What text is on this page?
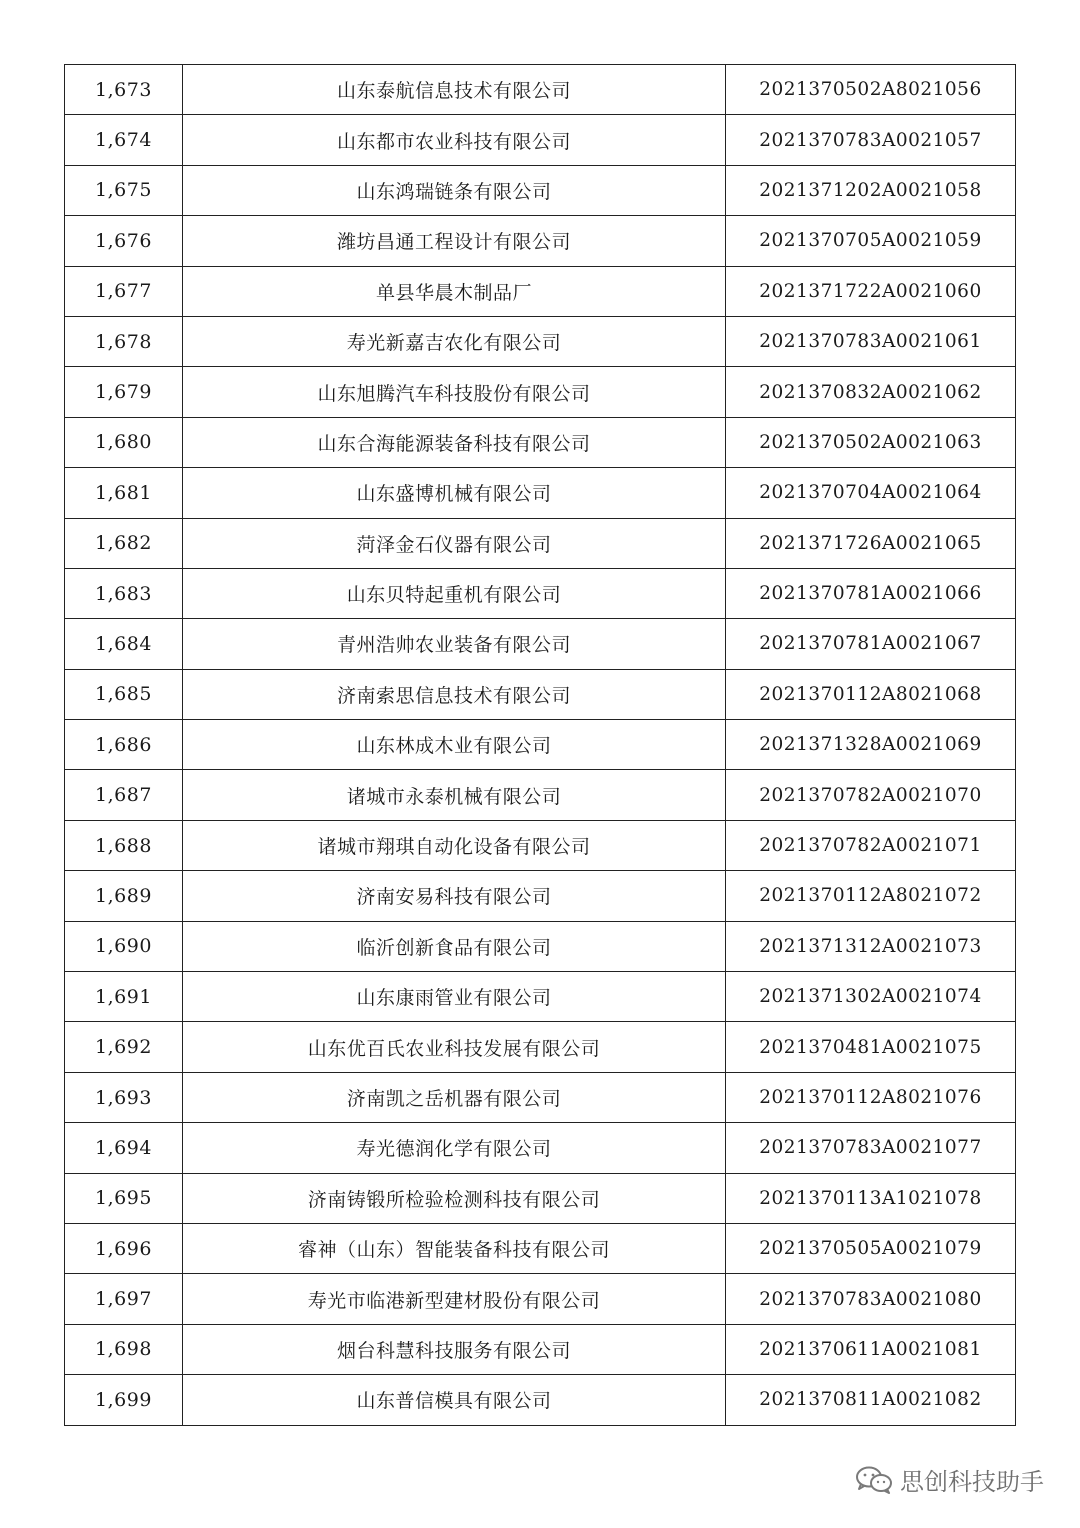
1,673	山东泰航信息技术有限公司	2021370502A8021056
1,674	山东都市农业科技有限公司	2021370783A0021057
1,675	山东鸿瑞链条有限公司	2021371202A0021058
1,676	潍坊昌通工程设计有限公司	2021370705A0021059
1,677	单县华晨木制品厂	2021371722A0021060
1,678	寿光新嘉吉农化有限公司	2021370783A0021061
1,679	山东旭腾汽车科技股份有限公司	2021370832A0021062
1,680	山东合海能源装备科技有限公司	2021370502A0021063
1,681	山东盛博机械有限公司	2021370704A0021064
1,682	菏泽金石仪器有限公司	2021371726A0021065
1,683	山东贝特起重机有限公司	2021370781A0021066
1,684	青州浩帅农业装备有限公司	2021370781A0021067
1,685	济南索思信息技术有限公司	2021370112A8021068
1,686	山东林成木业有限公司	2021371328A0021069
1,687	诸城市永泰机械有限公司	2021370782A0021070
1,688	诸城市翔琪自动化设备有限公司	2021370782A0021071
1,689	济南安易科技有限公司	2021370112A8021072
1,690	临沂创新食品有限公司	2021371312A0021073
1,691	山东康雨管业有限公司	2021371302A0021074
1,692	山东优百氏农业科技发展有限公司	2021370481A0021075
1,693	济南凯之岳机器有限公司	2021370112A8021076
1,694	寿光德润化学有限公司	2021370783A0021077
1,695	济南铸锻所检验检测科技有限公司	2021370113A1021078
1,696	睿神（山东）智能装备科技有限公司	2021370505A0021079
1,697	寿光市临港新型建材股份有限公司	2021370783A0021080
1,698	烟台科慧科技服务有限公司	2021370611A0021081
1,699	山东普信模具有限公司	2021370811A0021082
思创科技助手
